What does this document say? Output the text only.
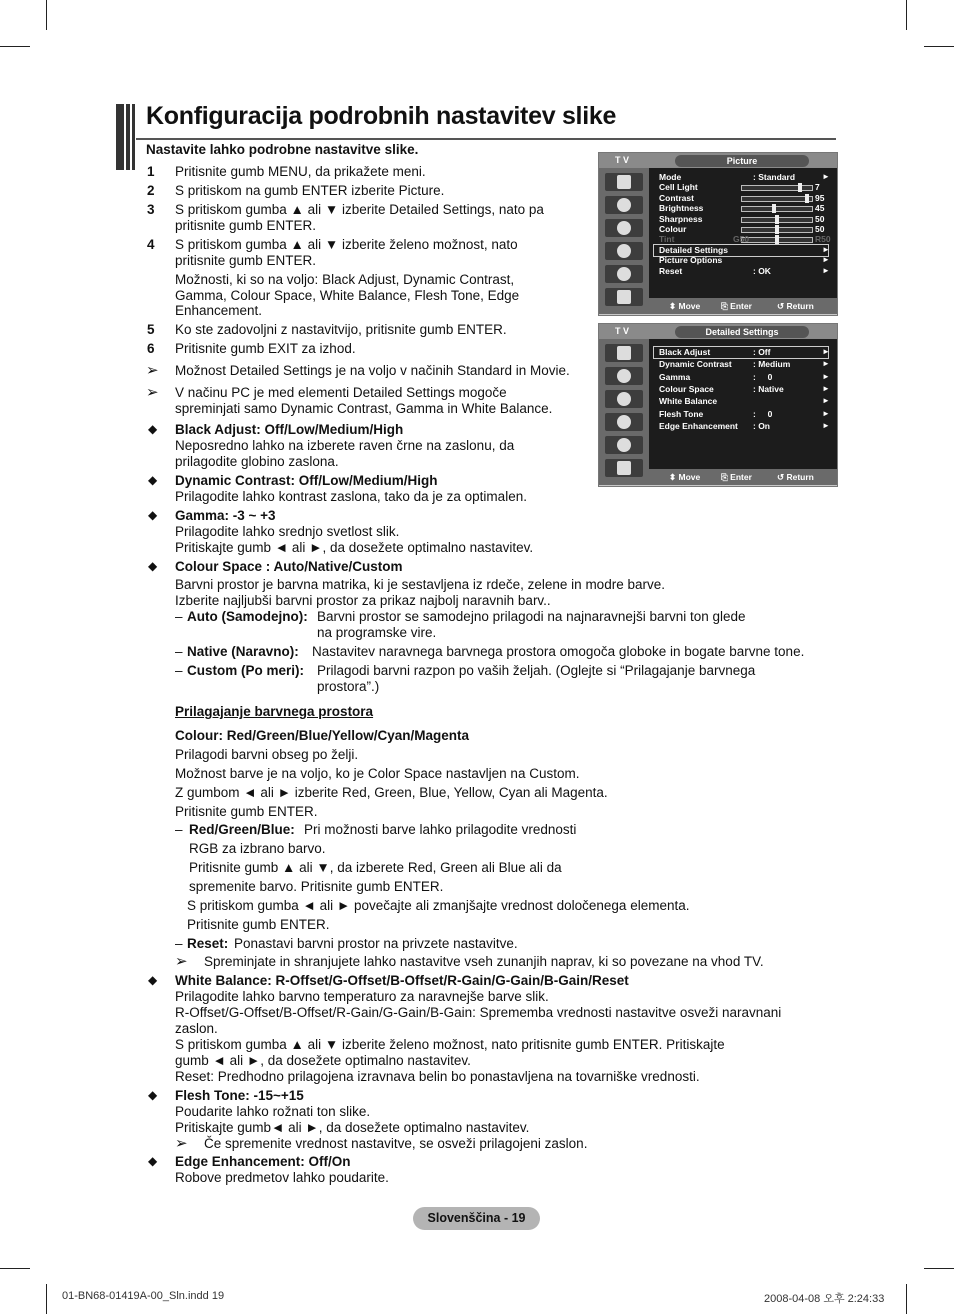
Konfiguracija podrobnih nastavitev slike
Nastavite lahko podrobne nastavitve slike.
1 Pritisnite gumb MENU, da prikažete meni.
2 S pritiskom na gumb ENTER izberite Picture.
3 S pritiskom gumba ▲ ali ▼ izberite Detailed Settings, nato pa
pritisnite gumb ENTER.
4 S pritiskom gumba ▲ ali ▼ izberite želeno možnost, nato
pritisnite gumb ENTER.
Možnosti, ki so na voljo: Black Adjust, Dynamic Contrast,
Gamma, Colour Space, White Balance, Flesh Tone, Edge
Enhancement.
5 Ko ste zadovoljni z nastavitvijo, pritisnite gumb ENTER.
6 Pritisnite gumb EXIT za izhod.
➢ Možnost Detailed Settings je na voljo v načinih Standard in Movie.
➢ V načinu PC je med elementi Detailed Settings mogoče
spreminjati samo Dynamic Contrast, Gamma in White Balance.
◆ Black Adjust: Off/Low/Medium/High
Neposredno lahko na izberete raven črne na zaslonu, da
prilagodite globino zaslona.
◆ Dynamic Contrast: Off/Low/Medium/High
Prilagodite lahko kontrast zaslona, tako da je za optimalen.
◆ Gamma: -3 ~ +3
Prilagodite lahko srednjo svetlost slik.
Pritiskajte gumb ◄ ali ►, da dosežete optimalno nastavitev.
◆ Colour Space : Auto/Native/Custom
Barvni prostor je barvna matrika, ki je sestavljena iz rdeče, zelene in modre barve.
Izberite najljubši barvni prostor za prikaz najbolj naravnih barv..
– Auto (Samodejno): Barvni prostor se samodejno prilagodi na najnaravnejši barvni ton glede
na programske vire.
– Native (Naravno): Nastavitev naravnega barvnega prostora omogoča globoke in bogate barvne tone.
– Custom (Po meri): Prilagodi barvni razpon po vaših željah. (Oglejte si “Prilagajanje barvnega
prostora”.)
Prilagajanje barvnega prostora
Colour: Red/Green/Blue/Yellow/Cyan/Magenta
Prilagodi barvni obseg po želji.
Možnost barve je na voljo, ko je Color Space nastavljen na Custom.
Z gumbom ◄ ali ► izberite Red, Green, Blue, Yellow, Cyan ali Magenta.
Pritisnite gumb ENTER.
– Red/Green/Blue: Pri možnosti barve lahko prilagodite vrednosti
RGB za izbrano barvo.
Pritisnite gumb ▲ ali ▼, da izberete Red, Green ali Blue ali da
spremenite barvo. Pritisnite gumb ENTER.
S pritiskom gumba ◄ ali ► povečajte ali zmanjšajte vrednost določenega elementa.
Pritisnite gumb ENTER.
– Reset: Ponastavi barvni prostor na privzete nastavitve.
➢ Spreminjate in shranjujete lahko nastavitve vseh zunanjih naprav, ki so povezane na vhod TV.
◆ White Balance: R-Offset/G-Offset/B-Offset/R-Gain/G-Gain/B-Gain/Reset
Prilagodite lahko barvno temperaturo za naravnejše barve slik.
R-Offset/G-Offset/B-Offset/R-Gain/G-Gain/B-Gain: Sprememba vrednosti nastavitve osveži naravnani
zaslon.
S pritiskom gumba ▲ ali ▼ izberite želeno možnost, nato pritisnite gumb ENTER. Pritiskajte
gumb ◄ ali ►, da dosežete optimalno nastavitev.
Reset: Predhodno prilagojena izravnava belin bo ponastavljena na tovarniške vrednosti.
◆ Flesh Tone: -15~+15
Poudarite lahko rožnati ton slike.
Pritiskajte gumb◄ ali ►, da dosežete optimalno nastavitev.
➢ Če spremenite vrednost nastavitve, se osveži prilagojeni zaslon.
◆ Edge Enhancement: Off/On
Robove predmetov lahko poudarite.
T V	Picture
Mode	: Standard	►
Cell Light	7
Contrast	95
Brightness	45
Sharpness	50
Colour	50
Tint	G50	R50
Detailed Settings	►
Picture Options	►
Reset	: OK	►
⬍ Move ⎘ Enter	↺ Return
T V	Detailed Settings
Black Adjust	: Off	►
Dynamic Contrast	: Medium	►
Gamma	:     0	►
Colour Space	: Native	►
White Balance	►
Flesh Tone	:     0	►
Edge Enhancement : On	►
⬍ Move ⎘ Enter	↺ Return
Slovenščina - 19
01-BN68-01419A-00_Sln.indd 19	2008-04-08 오후 2:24:33
